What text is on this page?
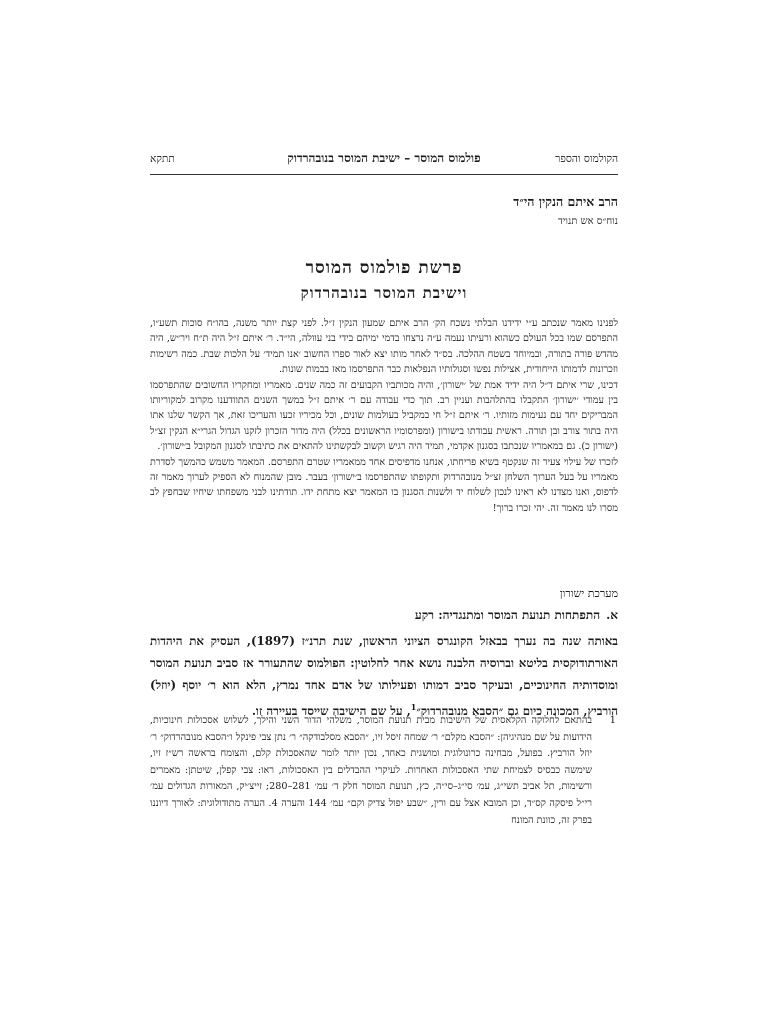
הקולמוס והספר
פולמוס המוסר – ישיבת המוסר בנובהרדוק
תתקא
הרב איתם הנקין הי״ד
נוח״ס אש תנויד
פרשת פולמוס המוסר
וישיבת המוסר בנובהרדוק

לפנינו מאמר שנכתב ע״י ידידנו הבלתי נשכח הק׳ הרב איתם שמעון הנקין ז״ל. לפני קצת יותר משנה, בהו״ח סוכות תשע״ו, התפרסם שמו בכל העולם כשהוא ורעיתו נעמה ע״ה נרצחו בדמי ימיהם בידי בני עוולה, הי״ד. ר׳ איתם ז״ל היה ת״ח ויר״ש, היה מהדש פורה בתורה, ובמיוחד בשטח ההלכה. בס״ד לאחר מותו יצא לאור ספרו החשוב ׳אנו תמיד׳ על הלכות שבת. כמה רשימות וזכרונות לדמותו הייחודית, אצילות נפשו וסגולותיו הנפלאות כבר התפרסמו מאז בבמות שונות.

דכינו, שרי איתם ד״ל היה ידיד אמת של ׳ישורון׳, והיה מכותביו הקבועים זה כמה שנים. מאמריו ומחקריו החשובים שהתפרסמו בין עמודי ׳ישורון׳ התקבלו בהתלהבות ועניין רב. תוך כדי עבודה עם ר׳ איתם ז״ל במשך השנים התוודענו מקרוב למקוריותו המבריקים יחד עם נעימות מזותיו. ר׳ איתם ז״ל חי במקביל בעולמות שונים, וכל מכיריו זכעו והעריכו זאת, אך הקשר שלנו אתו היה בתור צורב ובן תורה. ראשית עבודתו בישורון (ומפרסומיו הראשונים בכלל) היה מדור הזכרון לזקנו הגדול הגרי״א הנקין זצ״ל (ישורון כ). גם במאמריו שנכתבו בסגנון אקדמי, תמיד היה רגיש וקשוב לבקשתינו להתאים את כתיבתו לסגנון המקובל ב׳ישורון׳.

לזכרו של עילוי צעיר זה שנקטף בשיא פריחתו, אנחנו מדפיסים אחד ממאמריו שטרם התפרסם. המאמר משמש כהמשך לסדרת מאמריו על בעל הערוך השלחן זצ״ל מנובהרדוק ותקופתו שהתפרסמו ב׳ישורון׳ בעבר. מובן שהמנוח לא הספיק לערוך מאמר זה לדפוס, ואנו מצדנו לא ראינו לנכון לשלוח יד ולשנות הסגנון בו המאמר יצא מתחת ידו. תודתינו לבני משפחתו שיחיו שבחפץ לב מסרו לנו מאמר זה. יהי זכרו ברוך!

מערכת ישורון
א.התפתחות תנועת המוסר ומתנגדיה: רקע

באותה שנה בה נערך בבאזל הקונגרס הציוני הראשון, שנת תרנ״ז (1897), העסיק את היהדות האורתודוקסית בליטא וברוסיה הלבנה נושא אחר לחלוטין: הפולמוס שהתעורר אז סביב תנועת המוסר ומוסדותיה החינוכיים, ובעיקר סביב דמותו ופעילותו של אדם אחד נמרץ, הלא הוא ר׳ יוסף (יוזל) הורביץ, המכונה כיום גם ״הסבא מנובהרדוק״$^1$, על שם הישיבה שייסד בעיירה זו.

1
בהתאם לחלוקה הקלאסית של הישיבות מבית תנועת המוסר, משלהי הדור השני והילך, לשלוש אסכולות חינוכיות, הידועות על שם מנהיגיהן: ״הסבא מקלם״ ר׳ שמחה זיסל זיו, ״הסבא מסלבודקה״ ר׳ נתן צבי פינקל ו״הסבא מנובהרדוק״ ר׳ יוזל הורביץ. בפועל, מבחינה כרונולוגית ומושגית כאחד, נכון יותר לומר שהאסכולת קלם, והצומח בראשה רש״ז זיו, שימשה כבסיס לצמיחת שתי האסכולות האחרות. לעיקרי ההבדלים בין האסכולות, ראו: צבי קפלן, שיטתן: מאמרים ורשימות, תל אביב תשי״ג, עמ׳ סי״ג–סי״ה, כץ, תנועת המוסר חלק ד׳ עמ׳ 281–280; זייצ׳יק, המאורות הגדולים עמ׳ רי״ל פיסקה קס״ד, וכן המובא אצל עם ורין, ״שבע יפול צדיק וקם״ עמ׳ 144 והערה 4. הערה מתודולוגית: לאורך דיוננו בפרק זה, כוונת המונח
